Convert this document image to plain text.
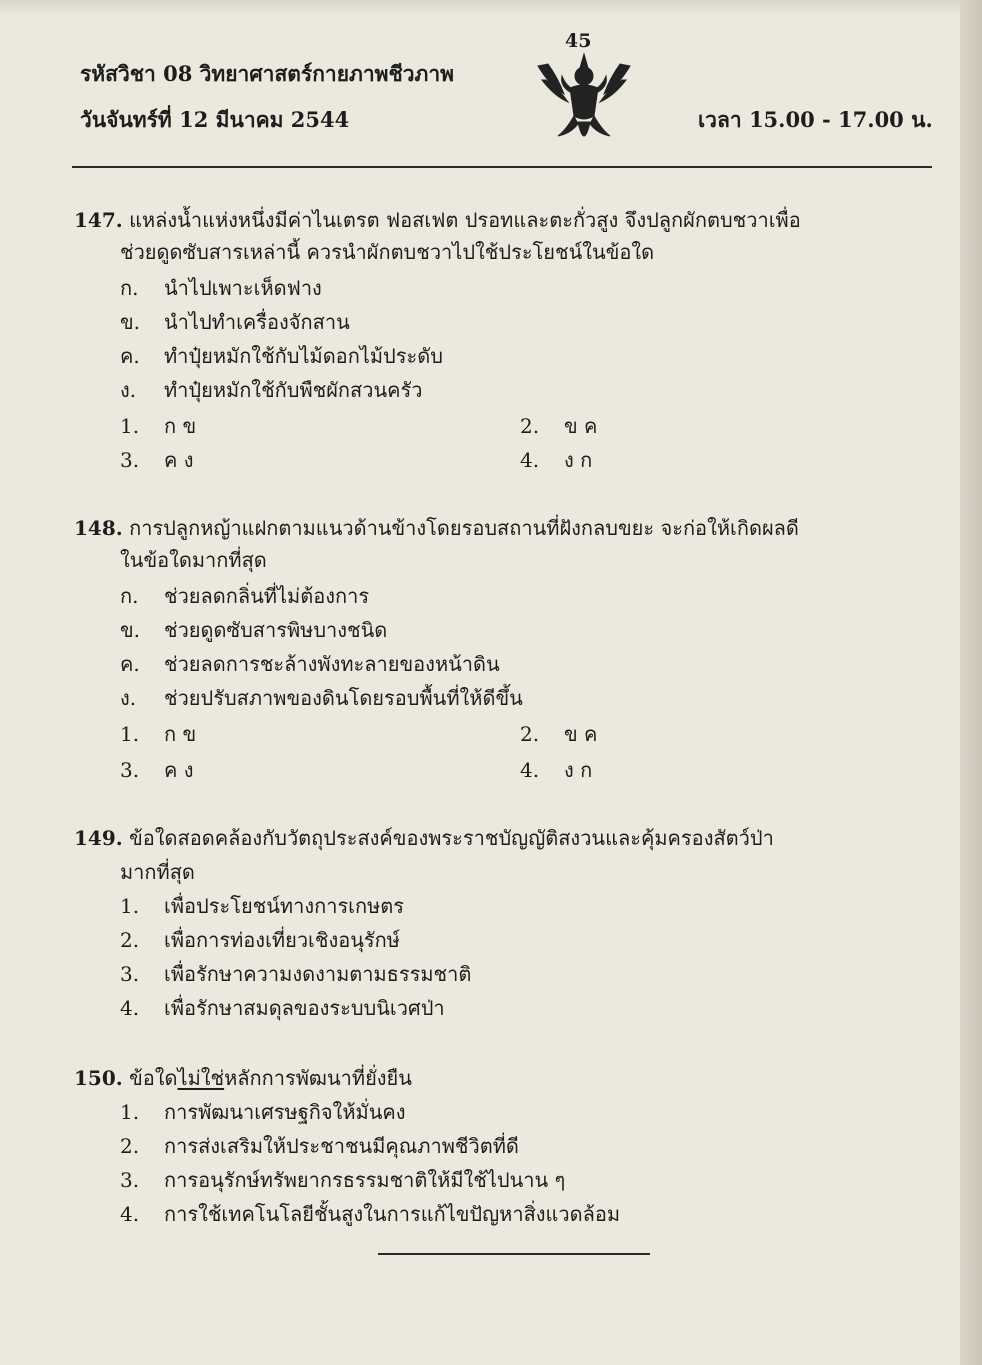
รหัสวิชา 08 วิทยาศาสตร์กายภาพชีวภาพ
วันจันทร์ที่ 12 มีนาคม 2544	เวลา 15.00 - 17.00 น.
45
147. แหล่งน้ำแห่งหนึ่งมีค่าไนเตรต ฟอสเฟต ปรอทและตะกั่วสูง จึงปลูกผักตบชวาเพื่อ
ช่วยดูดซับสารเหล่านี้ ควรนำผักตบชวาไปใช้ประโยชน์ในข้อใด
ก. นำไปเพาะเห็ดฟาง
ข. นำไปทำเครื่องจักสาน
ค. ทำปุ๋ยหมักใช้กับไม้ดอกไม้ประดับ
ง. ทำปุ๋ยหมักใช้กับพืชผักสวนครัว
1. ก ข	2. ข ค
3. ค ง	4. ง ก
148. การปลูกหญ้าแฝกตามแนวด้านข้างโดยรอบสถานที่ฝังกลบขยะ จะก่อให้เกิดผลดี
ในข้อใดมากที่สุด
ก. ช่วยลดกลิ่นที่ไม่ต้องการ
ข. ช่วยดูดซับสารพิษบางชนิด
ค. ช่วยลดการชะล้างพังทะลายของหน้าดิน
ง. ช่วยปรับสภาพของดินโดยรอบพื้นที่ให้ดีขึ้น
1. ก ข	2. ข ค
3. ค ง	4. ง ก
149. ข้อใดสอดคล้องกับวัตถุประสงค์ของพระราชบัญญัติสงวนและคุ้มครองสัตว์ป่า
มากที่สุด
1. เพื่อประโยชน์ทางการเกษตร
2. เพื่อการท่องเที่ยวเชิงอนุรักษ์
3. เพื่อรักษาความงดงามตามธรรมชาติ
4. เพื่อรักษาสมดุลของระบบนิเวศป่า
150. ข้อใดไม่ใช่หลักการพัฒนาที่ยั่งยืน
1. การพัฒนาเศรษฐกิจให้มั่นคง
2. การส่งเสริมให้ประชาชนมีคุณภาพชีวิตที่ดี
3. การอนุรักษ์ทรัพยากรธรรมชาติให้มีใช้ไปนาน ๆ
4. การใช้เทคโนโลยีชั้นสูงในการแก้ไขปัญหาสิ่งแวดล้อม
